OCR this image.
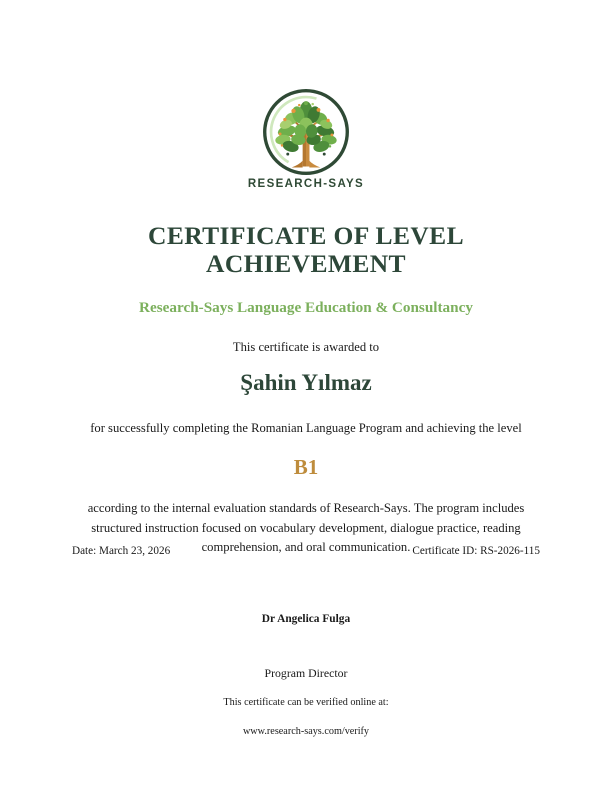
RESEARCH-SAYS
CERTIFICATE OF LEVEL ACHIEVEMENT
Research-Says Language Education & Consultancy
This certificate is awarded to
Şahin Yılmaz

for successfully completing the Romanian Language Program and achieving the level

B1

according to the internal evaluation standards of Research-Says. The program includes structured instruction focused on vocabulary development, dialogue practice, reading comprehension, and oral communication.

Date: March 23, 2026	Certificate ID: RS-2026-115
Dr Angelica Fulga
Program Director
This certificate can be verified online at:
www.research-says.com/verify
